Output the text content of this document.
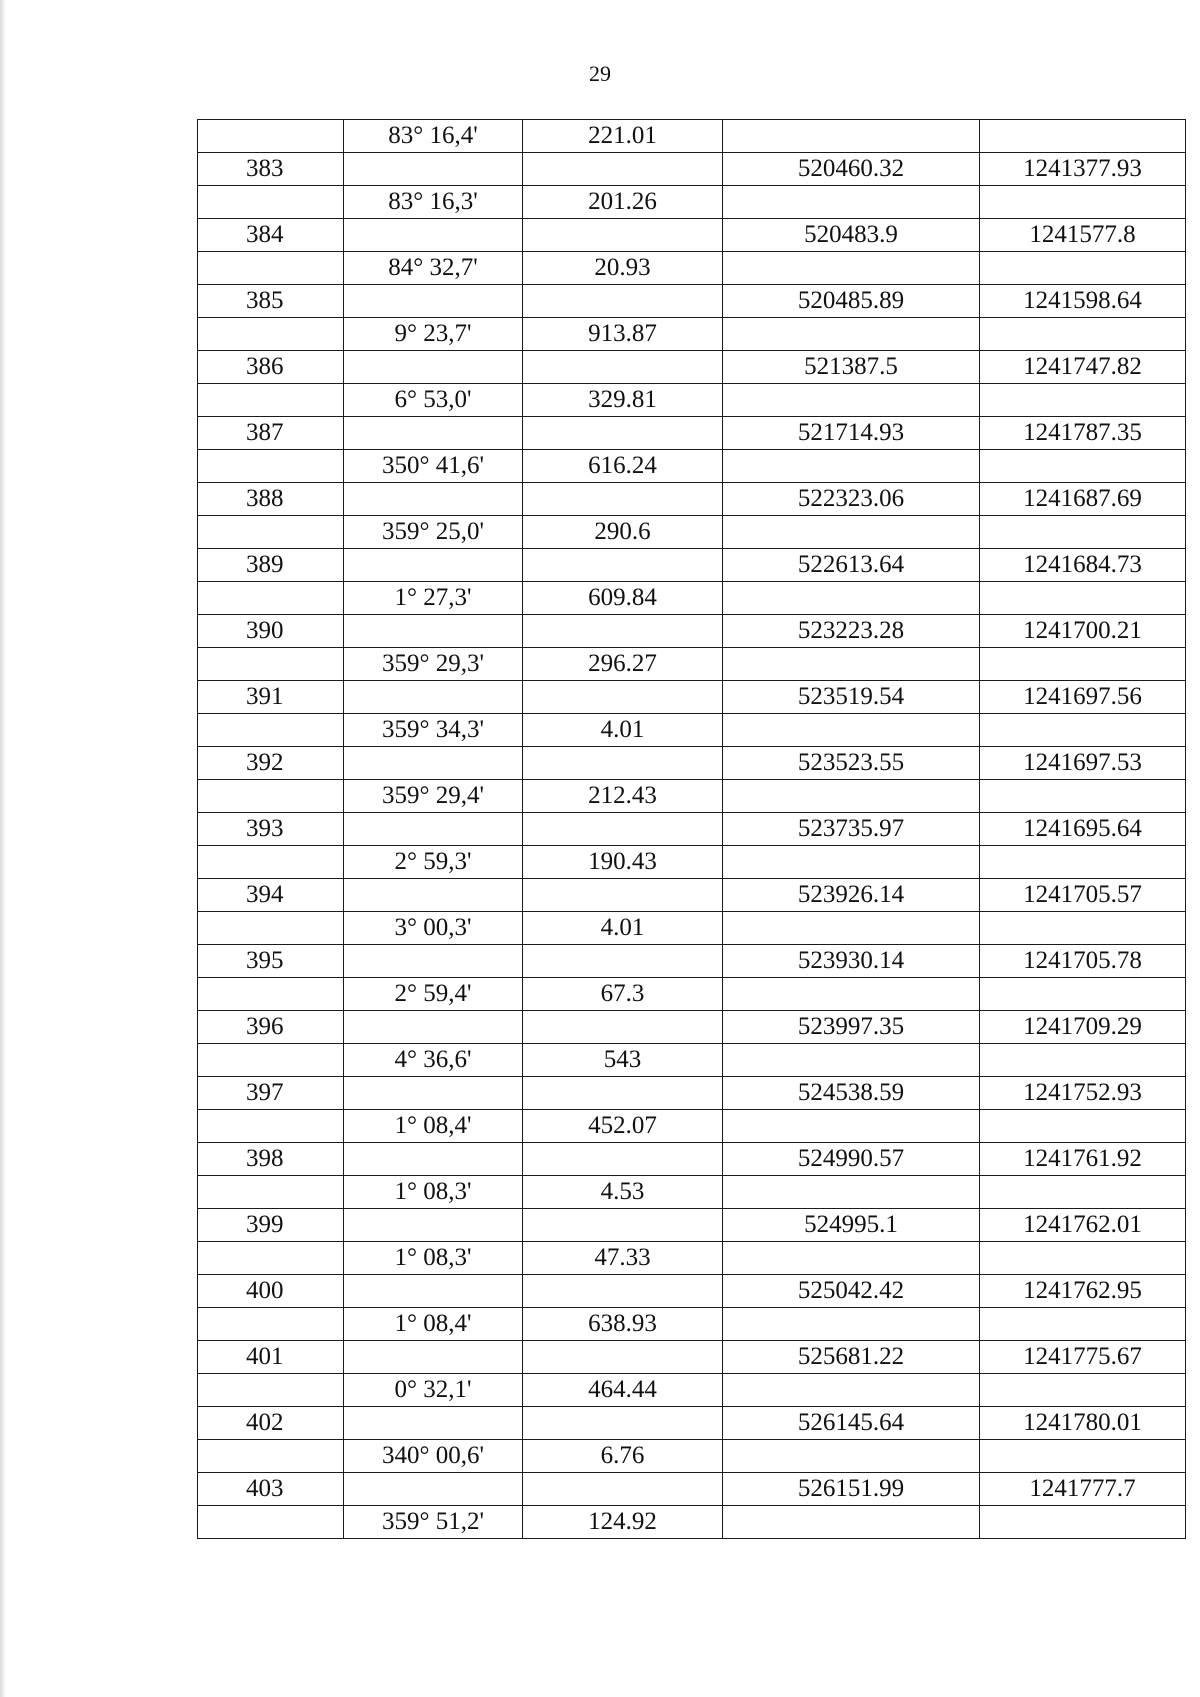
29
	83° 16,4'	221.01		
383			520460.32	1241377.93
	83° 16,3'	201.26		
384			520483.9	1241577.8
	84° 32,7'	20.93		
385			520485.89	1241598.64
	9° 23,7'	913.87		
386			521387.5	1241747.82
	6° 53,0'	329.81		
387			521714.93	1241787.35
	350° 41,6'	616.24		
388			522323.06	1241687.69
	359° 25,0'	290.6		
389			522613.64	1241684.73
	1° 27,3'	609.84		
390			523223.28	1241700.21
	359° 29,3'	296.27		
391			523519.54	1241697.56
	359° 34,3'	4.01		
392			523523.55	1241697.53
	359° 29,4'	212.43		
393			523735.97	1241695.64
	2° 59,3'	190.43		
394			523926.14	1241705.57
	3° 00,3'	4.01		
395			523930.14	1241705.78
	2° 59,4'	67.3		
396			523997.35	1241709.29
	4° 36,6'	543		
397			524538.59	1241752.93
	1° 08,4'	452.07		
398			524990.57	1241761.92
	1° 08,3'	4.53		
399			524995.1	1241762.01
	1° 08,3'	47.33		
400			525042.42	1241762.95
	1° 08,4'	638.93		
401			525681.22	1241775.67
	0° 32,1'	464.44		
402			526145.64	1241780.01
	340° 00,6'	6.76		
403			526151.99	1241777.7
	359° 51,2'	124.92		
